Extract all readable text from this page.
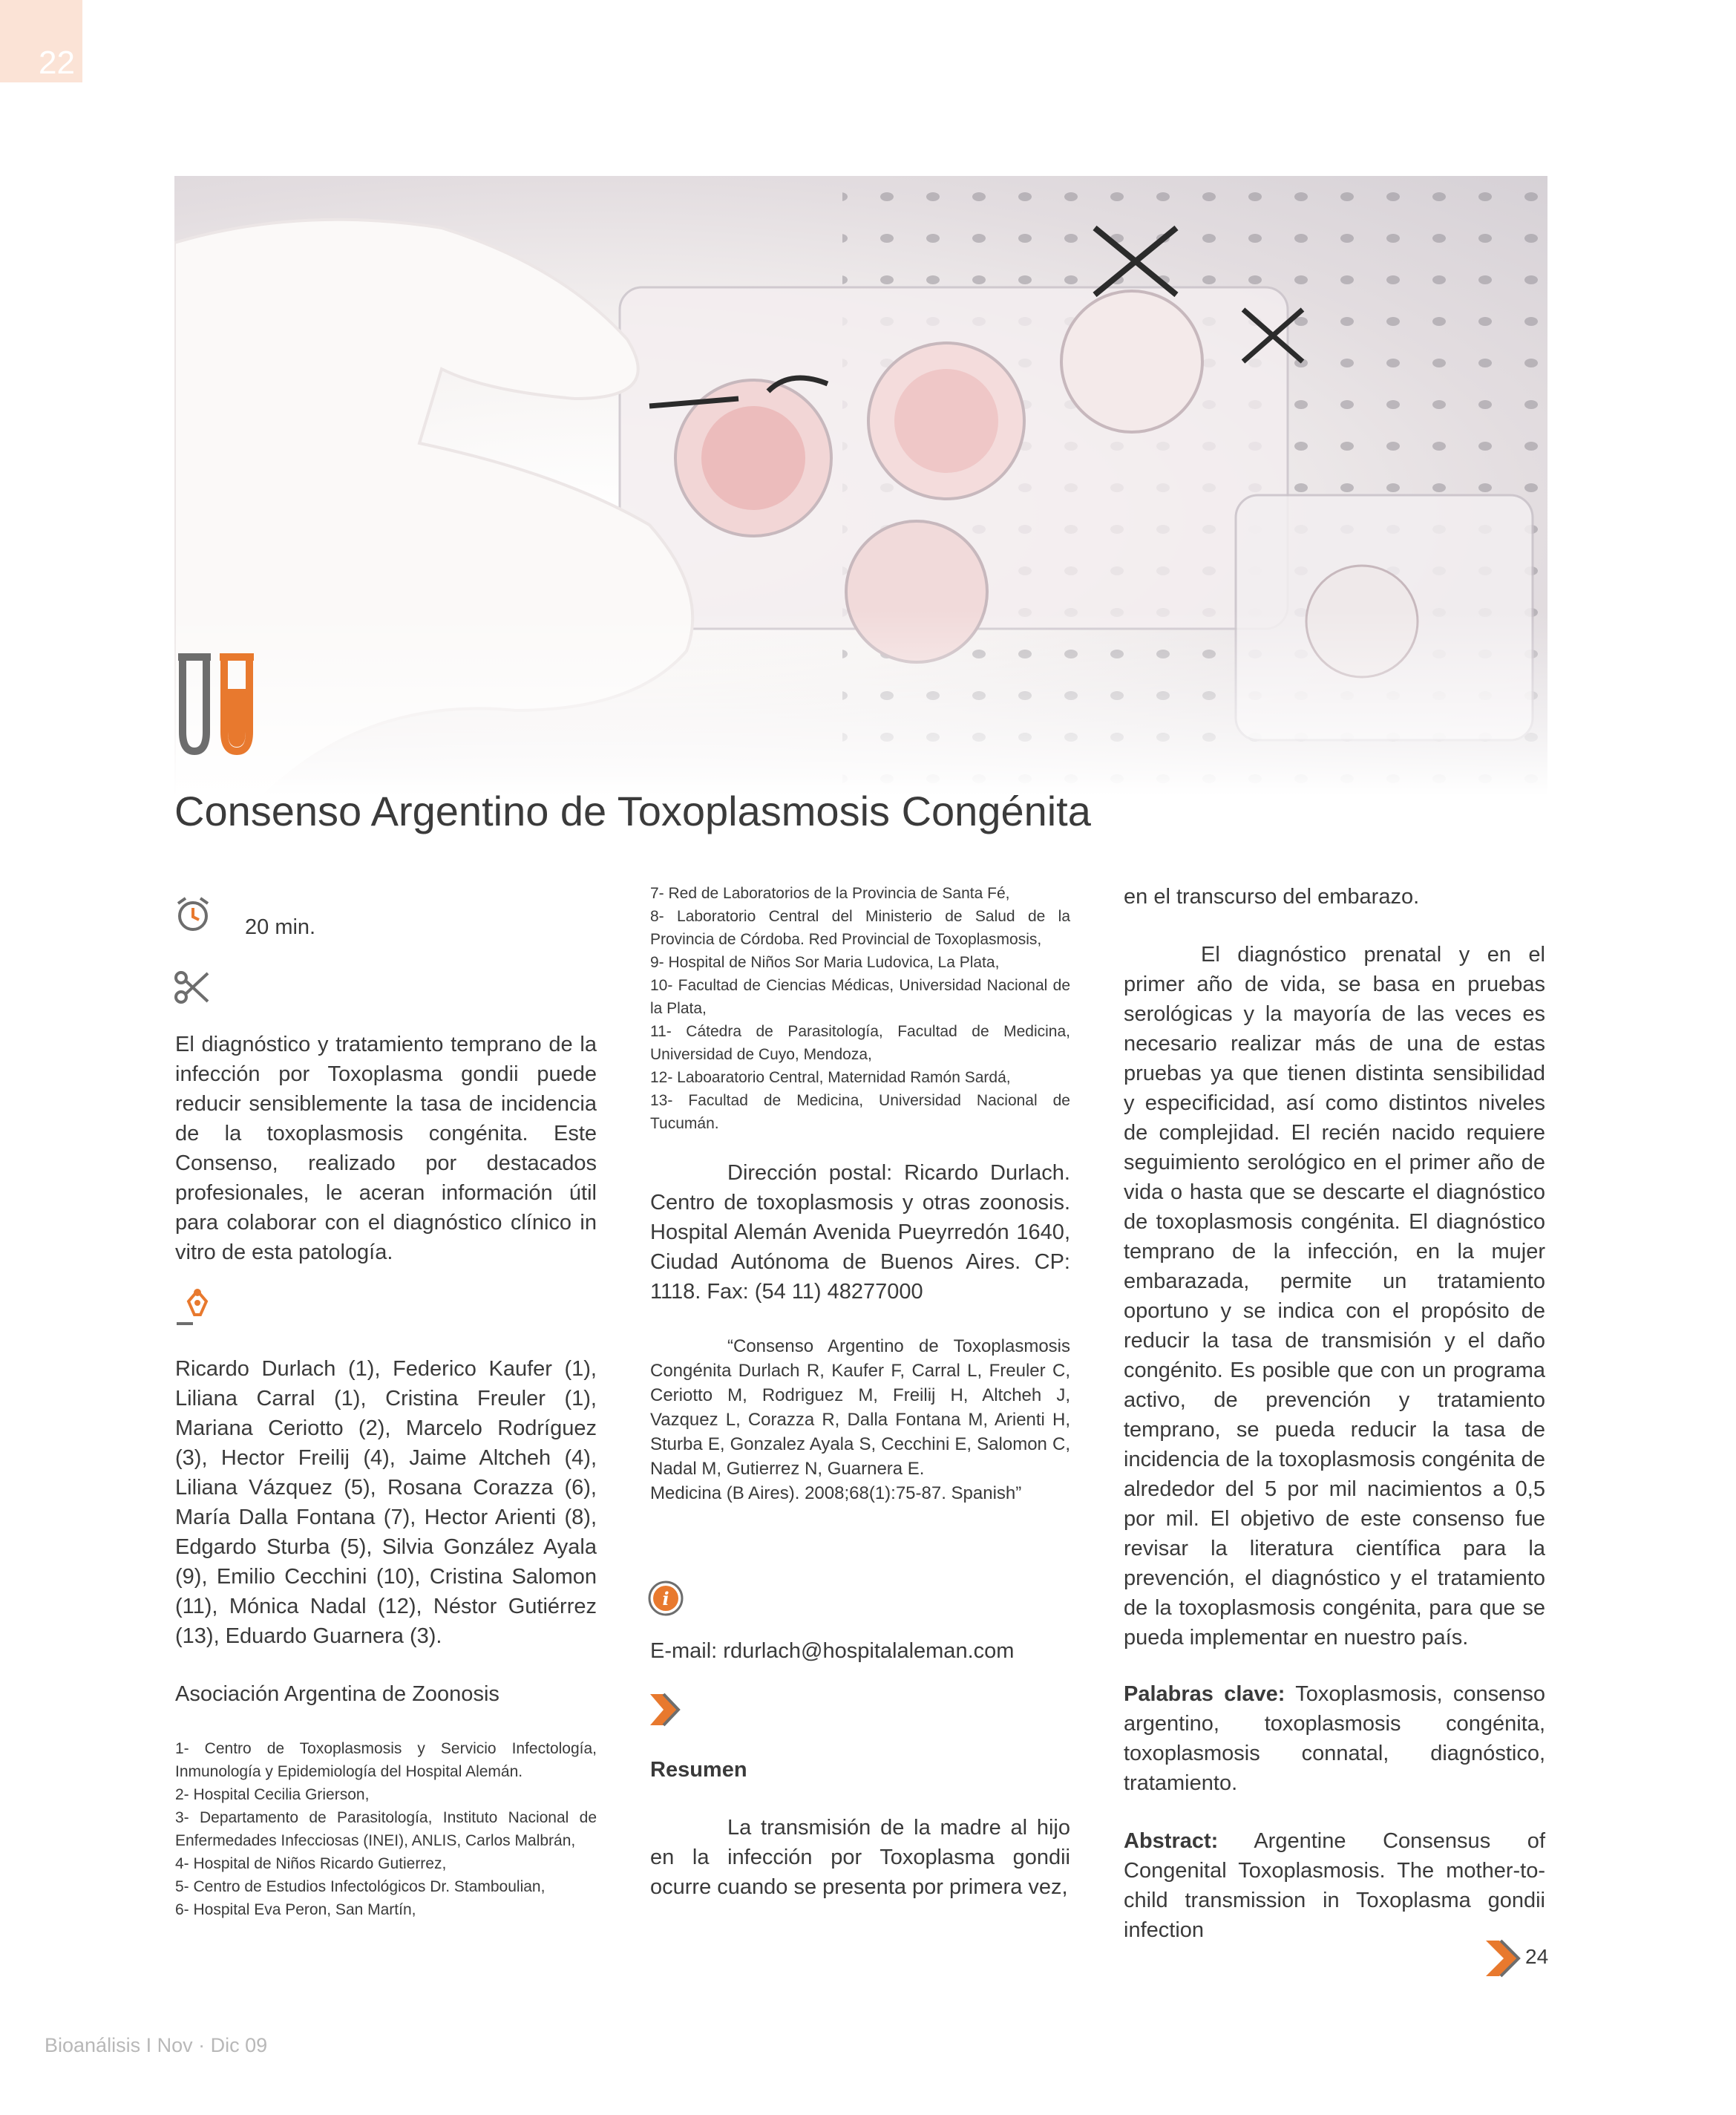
22
Consenso Argentino de Toxoplasmosis Congénita
20 min.

El diagnóstico y tratamiento temprano de la infección por Toxoplasma gondii puede reducir sensiblemente la tasa de incidencia de la toxoplasmosis congénita. Este Consenso, realizado por destacados profesionales, le aceran información útil para colaborar con el diagnóstico clínico in vitro de esta patología.

Ricardo Durlach (1), Federico Kaufer (1), Liliana Carral (1), Cristina Freuler (1), Mariana Ceriotto (2), Marcelo Rodríguez (3), Hector Freilij (4), Jaime Altcheh (4), Liliana Vázquez (5), Rosana Corazza (6), María Dalla Fontana (7), Hector Arienti (8), Edgardo Sturba (5), Silvia González Ayala (9), Emilio Cecchini (10), Cristina Salomon (11), Mónica Nadal (12), Néstor Gutiérrez (13), Eduardo Guarnera (3).

Asociación Argentina de Zoonosis

1- Centro de Toxoplasmosis y Servicio Infectología, Inmunología y Epidemiología del Hospital Alemán.

2- Hospital Cecilia Grierson,

3- Departamento de Parasitología, Instituto Nacional de Enfermedades Infecciosas (INEI), ANLIS, Carlos Malbrán,

4- Hospital de Niños Ricardo Gutierrez,

5- Centro de Estudios Infectológicos Dr. Stamboulian,

6- Hospital Eva Peron, San Martín,

7- Red de Laboratorios de la Provincia de Santa Fé,

8- Laboratorio Central del Ministerio de Salud de la Provincia de Córdoba. Red Provincial de Toxoplasmosis,

9- Hospital de Niños Sor Maria Ludovica, La Plata,

10- Facultad de Ciencias Médicas, Universidad Nacional de la Plata,

11- Cátedra de Parasitología, Facultad de Medicina, Universidad de Cuyo, Mendoza,

12- Laboaratorio Central, Maternidad Ramón Sardá,

13- Facultad de Medicina, Universidad Nacional de Tucumán.

Dirección postal: Ricardo Durlach. Centro de toxoplasmosis y otras zoonosis. Hospital Alemán Avenida Pueyrredón 1640, Ciudad Autónoma de Buenos Aires. CP: 1118. Fax: (54 11) 48277000

“Consenso Argentino de Toxoplasmosis Congénita Durlach R, Kaufer F, Carral L, Freuler C, Ceriotto M, Rodriguez M, Freilij H, Altcheh J, Vazquez L, Corazza R, Dalla Fontana M, Arienti H, Sturba E, Gonzalez Ayala S, Cecchini E, Salomon C, Nadal M, Gutierrez N, Guarnera E.

Medicina (B Aires). 2008;68(1):75-87. Spanish”

i
E-mail: rdurlach@hospitalaleman.com
Resumen

La transmisión de la madre al hijo en la infección por Toxoplasma gondii ocurre cuando se presenta por primera vez,

en el transcurso del embarazo.

El diagnóstico prenatal y en el primer año de vida, se basa en pruebas serológicas y la mayoría de las veces es necesario realizar más de una de estas pruebas ya que tienen distinta sensibilidad y especificidad, así como distintos niveles de complejidad. El recién nacido requiere seguimiento serológico en el primer año de vida o hasta que se descarte el diagnóstico de toxoplasmosis congénita. El diagnóstico temprano de la infección, en la mujer embarazada, permite un tratamiento oportuno y se indica con el propósito de reducir la tasa de transmisión y el daño congénito. Es posible que con un programa activo, de prevención y tratamiento temprano, se pueda reducir la tasa de incidencia de la toxoplasmosis congénita de alrededor del 5 por mil nacimientos a 0,5 por mil. El objetivo de este consenso fue revisar la literatura científica para la prevención, el diagnóstico y el tratamiento de la toxoplasmosis congénita, para que se pueda implementar en nuestro país.

Palabras clave: Toxoplasmosis, consenso argentino, toxoplasmosis congénita, toxoplasmosis connatal, diagnóstico, tratamiento.

Abstract: Argentine Consensus of Congenital Toxoplasmosis. The mother-to-child transmission in Toxoplasma gondii infection

24
Bioanálisis I Nov · Dic 09
